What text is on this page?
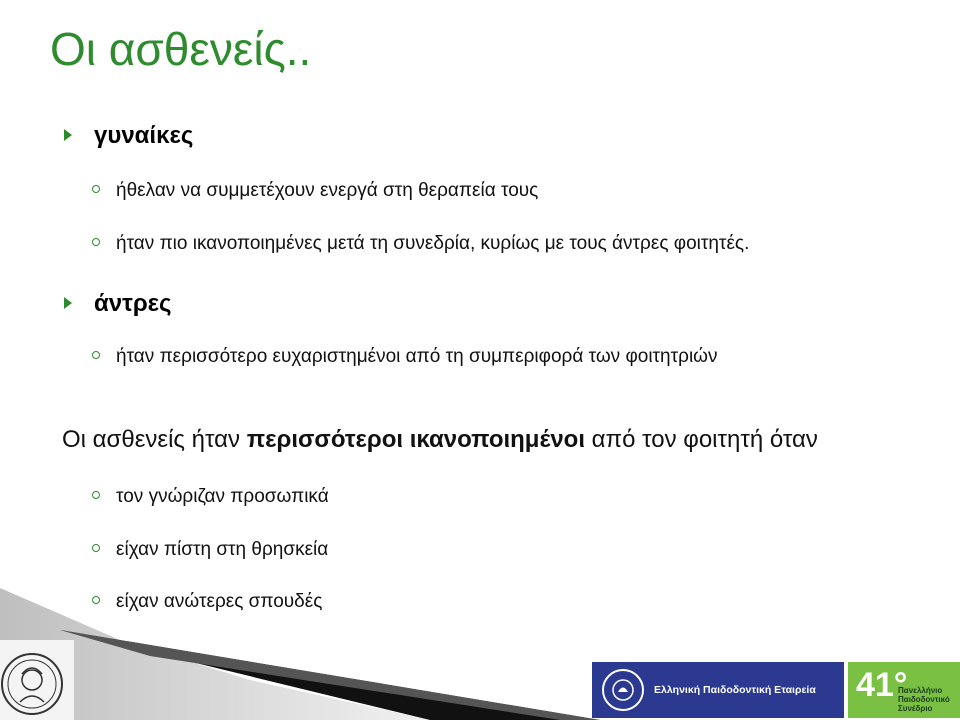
Οι ασθενείς..
γυναίκες
ήθελαν να συμμετέχουν ενεργά στη θεραπεία τους
ήταν πιο ικανοποιημένες μετά τη συνεδρία, κυρίως με τους άντρες φοιτητές.
άντρες
ήταν περισσότερο ευχαριστημένοι από τη συμπεριφορά των φοιτητριών
Οι ασθενείς ήταν περισσότεροι ικανοποιημένοι από τον φοιτητή όταν
τον γνώριζαν προσωπικά
είχαν πίστη στη θρησκεία
είχαν ανώτερες σπουδές
Ελληνική Παιδοδοντική Εταιρεία 41°
Πανελλήνιο
Παιδοδοντικό
Συνέδριο
